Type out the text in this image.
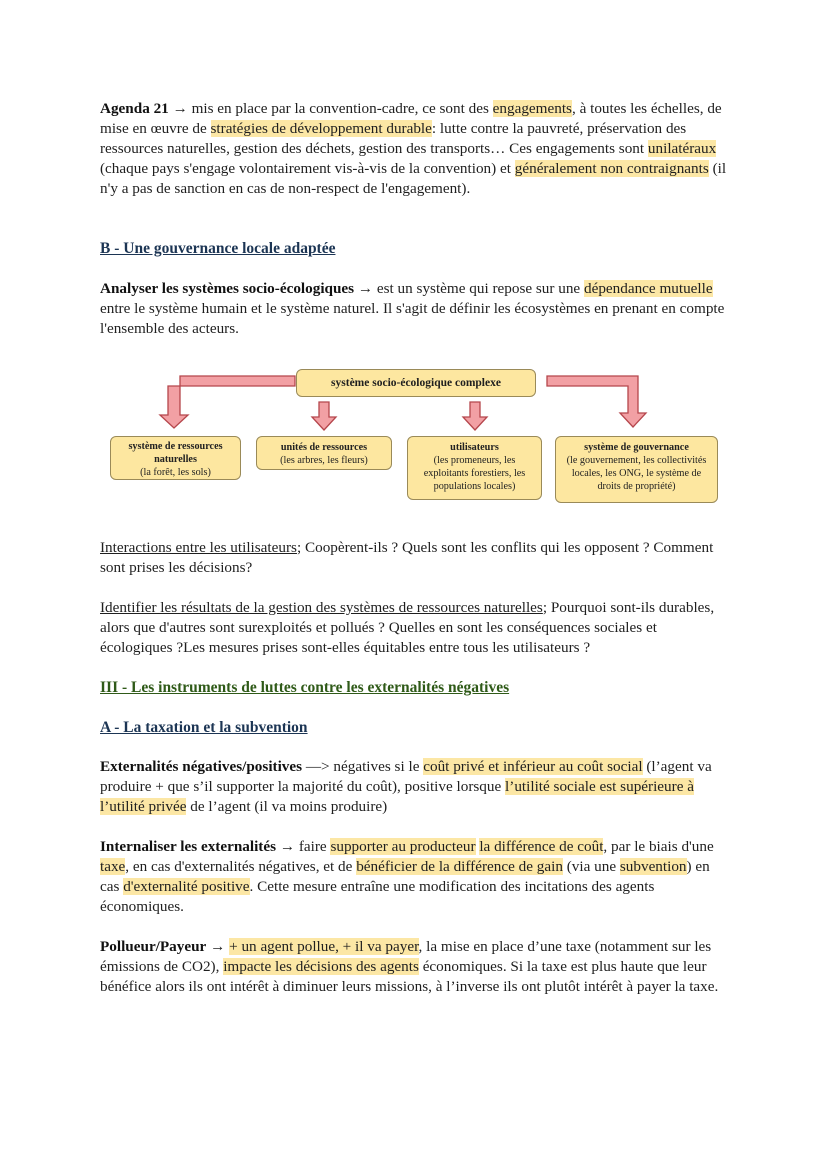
Agenda 21 → mis en place par la convention-cadre, ce sont des engagements, à toutes les échelles, de mise en œuvre de stratégies de développement durable: lutte contre la pauvreté, préservation des ressources naturelles, gestion des déchets, gestion des transports… Ces engagements sont unilatéraux (chaque pays s'engage volontairement vis-à-vis de la convention) et généralement non contraignants (il n'y a pas de sanction en cas de non-respect de l'engagement).
B - Une gouvernance locale adaptée
Analyser les systèmes socio-écologiques → est un système qui repose sur une dépendance mutuelle entre le système humain et le système naturel. Il s'agit de définir les écosystèmes en prenant en compte l'ensemble des acteurs.
système socio-écologique complexe
système de ressources naturelles
(la forêt, les sols)
unités de ressources
(les arbres, les fleurs)
utilisateurs
(les promeneurs, les exploitants forestiers, les populations locales)
système de gouvernance
(le gouvernement, les collectivités locales, les ONG, le système de droits de propriété)
Interactions entre les utilisateurs; Coopèrent-ils ? Quels sont les conflits qui les opposent ? Comment sont prises les décisions?
Identifier les résultats de la gestion des systèmes de ressources naturelles; Pourquoi sont-ils durables, alors que d'autres sont surexploités et pollués ? Quelles en sont les conséquences sociales et écologiques ?Les mesures prises sont-elles équitables entre tous les utilisateurs ?
III - Les instruments de luttes contre les externalités négatives
A - La taxation et la subvention
Externalités négatives/positives —> négatives si le coût privé et inférieur au coût social (l’agent va produire + que s’il supporter la majorité du coût), positive lorsque l’utilité sociale est supérieure à l’utilité privée de l’agent (il va moins produire)
Internaliser les externalités → faire supporter au producteur la différence de coût, par le biais d'une taxe, en cas d'externalités négatives, et de bénéficier de la différence de gain (via une subvention) en cas d'externalité positive. Cette mesure entraîne une modification des incitations des agents économiques.
Pollueur/Payeur → + un agent pollue, + il va payer, la mise en place d’une taxe (notamment sur les émissions de CO2), impacte les décisions des agents économiques. Si la taxe est plus haute que leur bénéfice alors ils ont intérêt à diminuer leurs missions, à l’inverse ils ont plutôt intérêt à payer la taxe.
